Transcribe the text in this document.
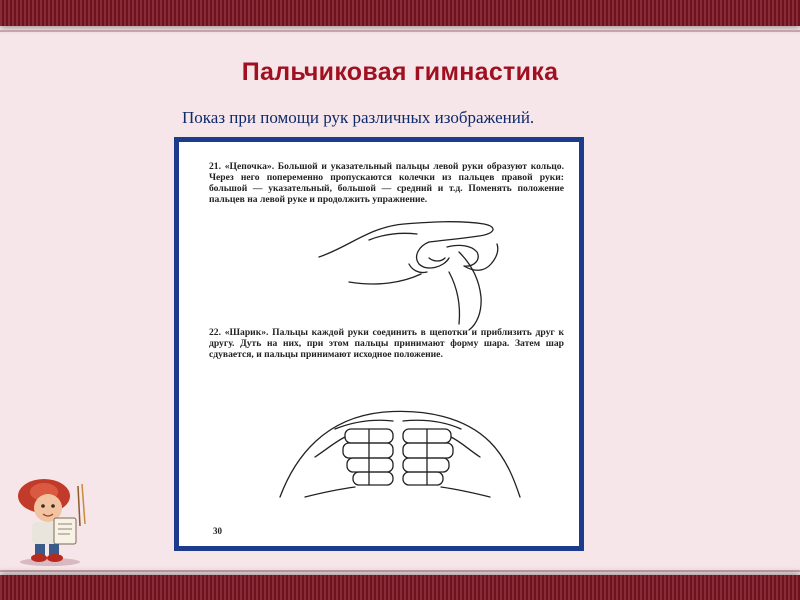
Пальчиковая гимнастика
Показ при помощи рук различных изображений.
21. «Цепочка». Большой и указательный пальцы левой руки образуют кольцо. Через него попеременно пропускаются колечки из пальцев правой руки: большой — указательный, большой — средний и т.д. Поменять положение пальцев на левой руке и продолжить упражнение.
22. «Шарик». Пальцы каждой руки соединить в щепотки и приблизить друг к другу. Дуть на них, при этом пальцы принимают форму шара. Затем шар сдувается, и пальцы принимают исходное положение.
30
